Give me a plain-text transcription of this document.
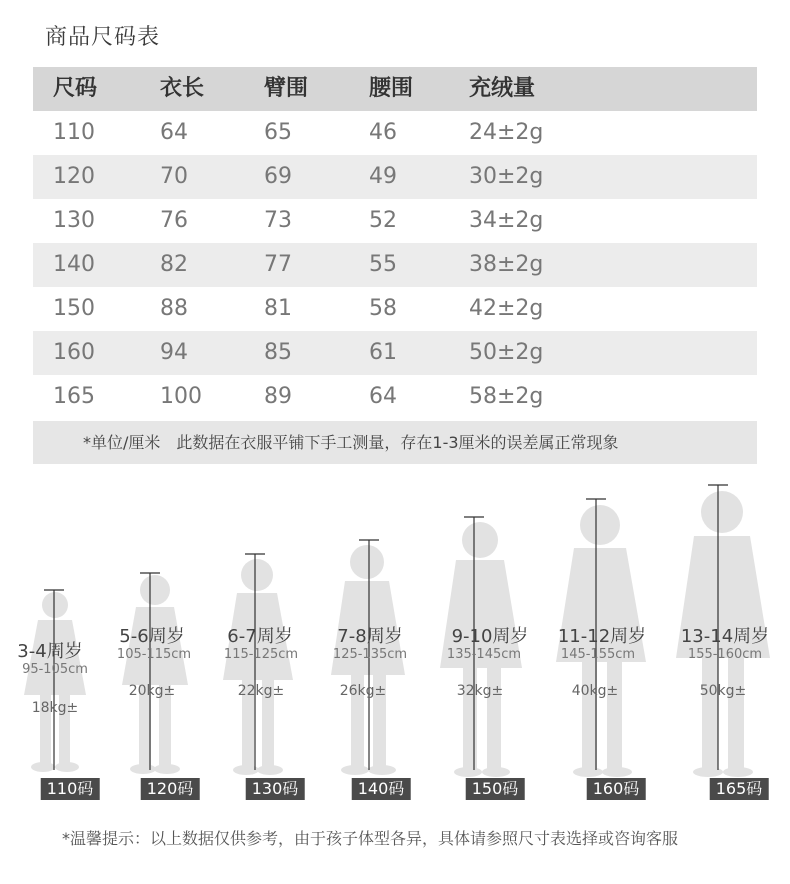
商品尺码表
尺码	衣长	臂围	腰围	充绒量
110	64	65	46	24±2g
120	70	69	49	30±2g
130	76	73	52	34±2g
140	82	77	55	38±2g
150	88	81	58	42±2g
160	94	85	61	50±2g
165	100	89	64	58±2g
*单位/厘米　此数据在衣服平铺下手工测量，存在1-3厘米的误差属正常现象
3-4周岁
95-105cm
18kg±
110码
5-6周岁
105-115cm
20kg±
120码
6-7周岁
115-125cm
22kg±
130码
7-8周岁
125-135cm
26kg±
140码
9-10周岁
135-145cm
32kg±
150码
11-12周岁
145-155cm
40kg±
160码
13-14周岁
155-160cm
50kg±
165码
*温馨提示：以上数据仅供参考，由于孩子体型各异，具体请参照尺寸表选择或咨询客服
